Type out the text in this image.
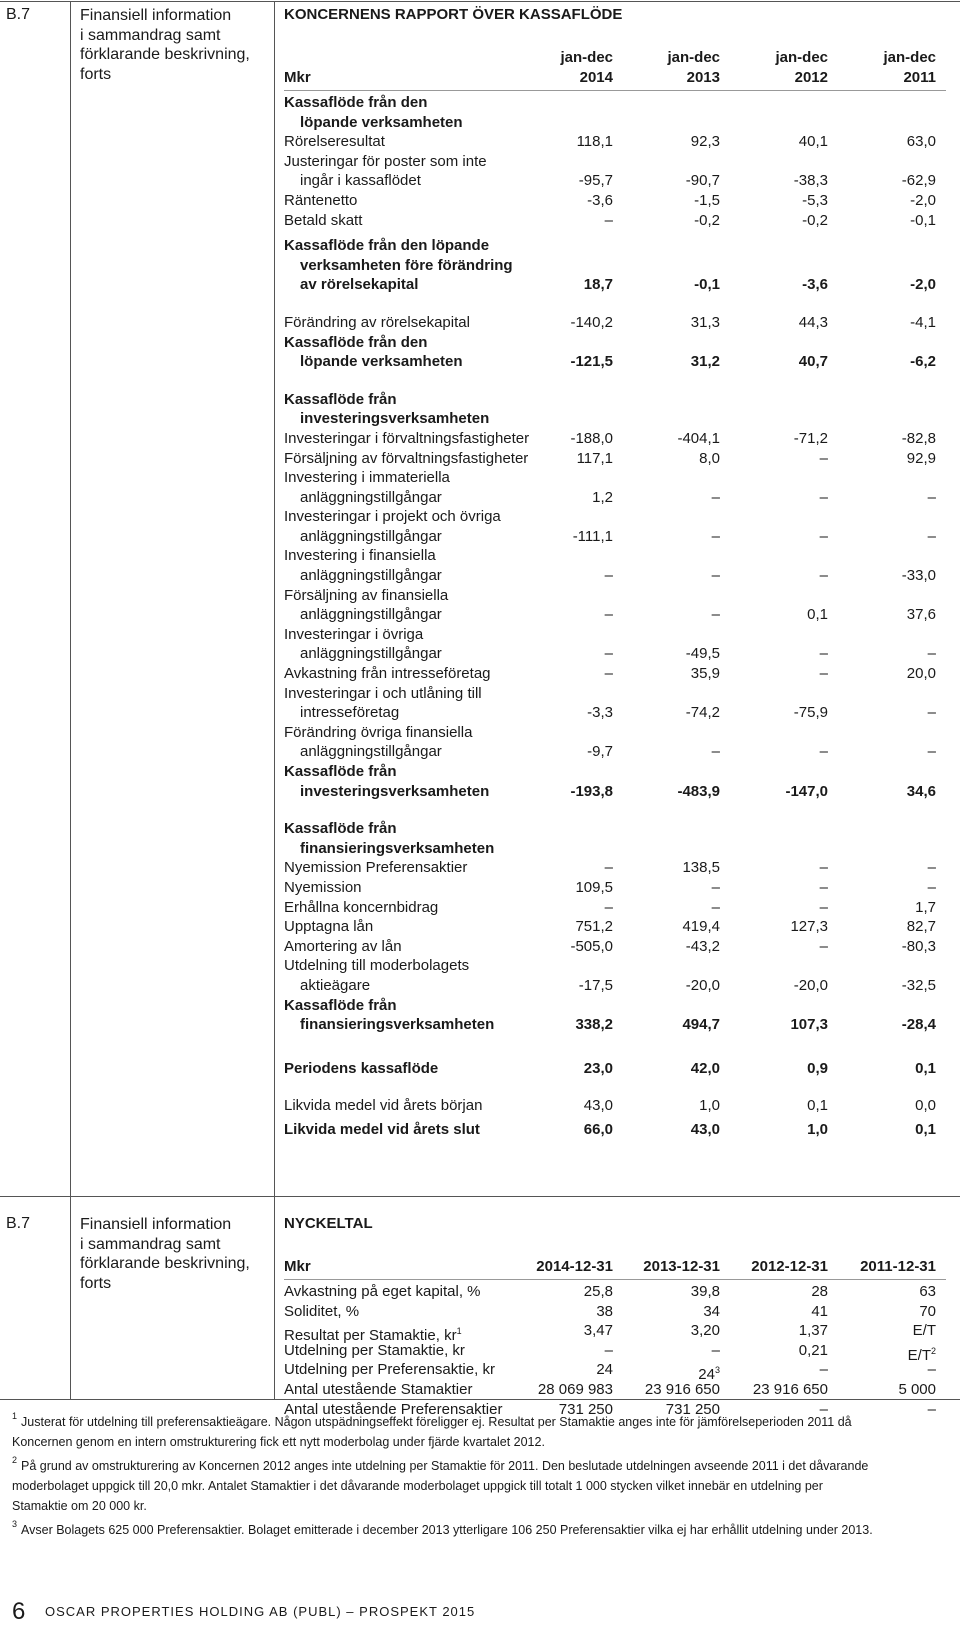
B.7	Finansiell information
i sammandrag samt
förklarande beskrivning,
forts
B.7	Finansiell information
i sammandrag samt
förklarande beskrivning,
forts
KONCERNENS RAPPORT ÖVER KASSAFLÖDE
jan-dec	jan-dec	jan-dec	jan-dec
Mkr	2014	2013	2012	2011
Kassaflöde från den
löpande verksamheten
Rörelseresultat	118,1	92,3	40,1	63,0
Justeringar för poster som inte
ingår i kassaflödet	-95,7	-90,7	-38,3	-62,9
Räntenetto	-3,6	-1,5	-5,3	-2,0
Betald skatt	–	-0,2	-0,2	-0,1
Kassaflöde från den löpande
verksamheten före förändring
av rörelsekapital	18,7	-0,1	-3,6	-2,0
Förändring av rörelsekapital	-140,2	31,3	44,3	-4,1
Kassaflöde från den
löpande verksamheten	-121,5	31,2	40,7	-6,2
Kassaflöde från
investeringsverksamheten
Investeringar i förvaltningsfastigheter	-188,0	-404,1	-71,2	-82,8
Försäljning av förvaltningsfastigheter	117,1	8,0	–	92,9
Investering i immateriella
anläggningstillgångar	1,2	–	–	–
Investeringar i projekt och övriga
anläggningstillgångar	-111,1	–	–	–
Investering i finansiella
anläggningstillgångar	–	–	–	-33,0
Försäljning av finansiella
anläggningstillgångar	–	–	0,1	37,6
Investeringar i övriga
anläggningstillgångar	–	-49,5	–	–
Avkastning från intresseföretag	–	35,9	–	20,0
Investeringar i och utlåning till
intresseföretag	-3,3	-74,2	-75,9	–
Förändring övriga finansiella
anläggningstillgångar	-9,7	–	–	–
Kassaflöde från
investeringsverksamheten	-193,8	-483,9	-147,0	34,6
Kassaflöde från
finansieringsverksamheten
Nyemission Preferensaktier	–	138,5	–	–
Nyemission	109,5	–	–	–
Erhållna koncernbidrag	–	–	–	1,7
Upptagna lån	751,2	419,4	127,3	82,7
Amortering av lån	-505,0	-43,2	–	-80,3
Utdelning till moderbolagets
aktieägare	-17,5	-20,0	-20,0	-32,5
Kassaflöde från
finansieringsverksamheten	338,2	494,7	107,3	-28,4
Periodens kassaflöde	23,0	42,0	0,9	0,1
Likvida medel vid årets början	43,0	1,0	0,1	0,0
Likvida medel vid årets slut	66,0	43,0	1,0	0,1
NYCKELTAL
Mkr	2014-12-31	2013-12-31	2012-12-31	2011-12-31
Avkastning på eget kapital, %	25,8	39,8	28	63
Soliditet, %	38	34	41	70
Resultat per Stamaktie, $kr^1$	3,47	3,20	1,37	E/T
Utdelning per Stamaktie, kr	–	–	0,21	$E/T^2$
Utdelning per Preferensaktie, kr	24	$24^3$	–	–
Antal utestående Stamaktier	28 069 983	23 916 650	23 916 650	5 000
Antal utestående Preferensaktier	731 250	731 250	–	–
$^1$ Justerat för utdelning till preferensaktieägare. Någon utspädningseffekt föreligger ej. Resultat per Stamaktie anges inte för jämförelseperioden 2011 då
Koncernen genom en intern omstrukturering fick ett nytt moderbolag under fjärde kvartalet 2012.
$^2$ På grund av omstrukturering av Koncernen 2012 anges inte utdelning per Stamaktie för 2011. Den beslutade utdelningen avseende 2011 i det dåvarande
moderbolaget uppgick till 20,0 mkr. Antalet Stamaktier i det dåvarande moderbolaget uppgick till totalt 1 000 stycken vilket innebär en utdelning per
Stamaktie om 20 000 kr.
$^3$ Avser Bolagets 625 000 Preferensaktier. Bolaget emitterade i december 2013 ytterligare 106 250 Preferensaktier vilka ej har erhållit utdelning under 2013.
6 OSCAR PROPERTIES HOLDING AB (PUBL) – PROSPEKT 2015
